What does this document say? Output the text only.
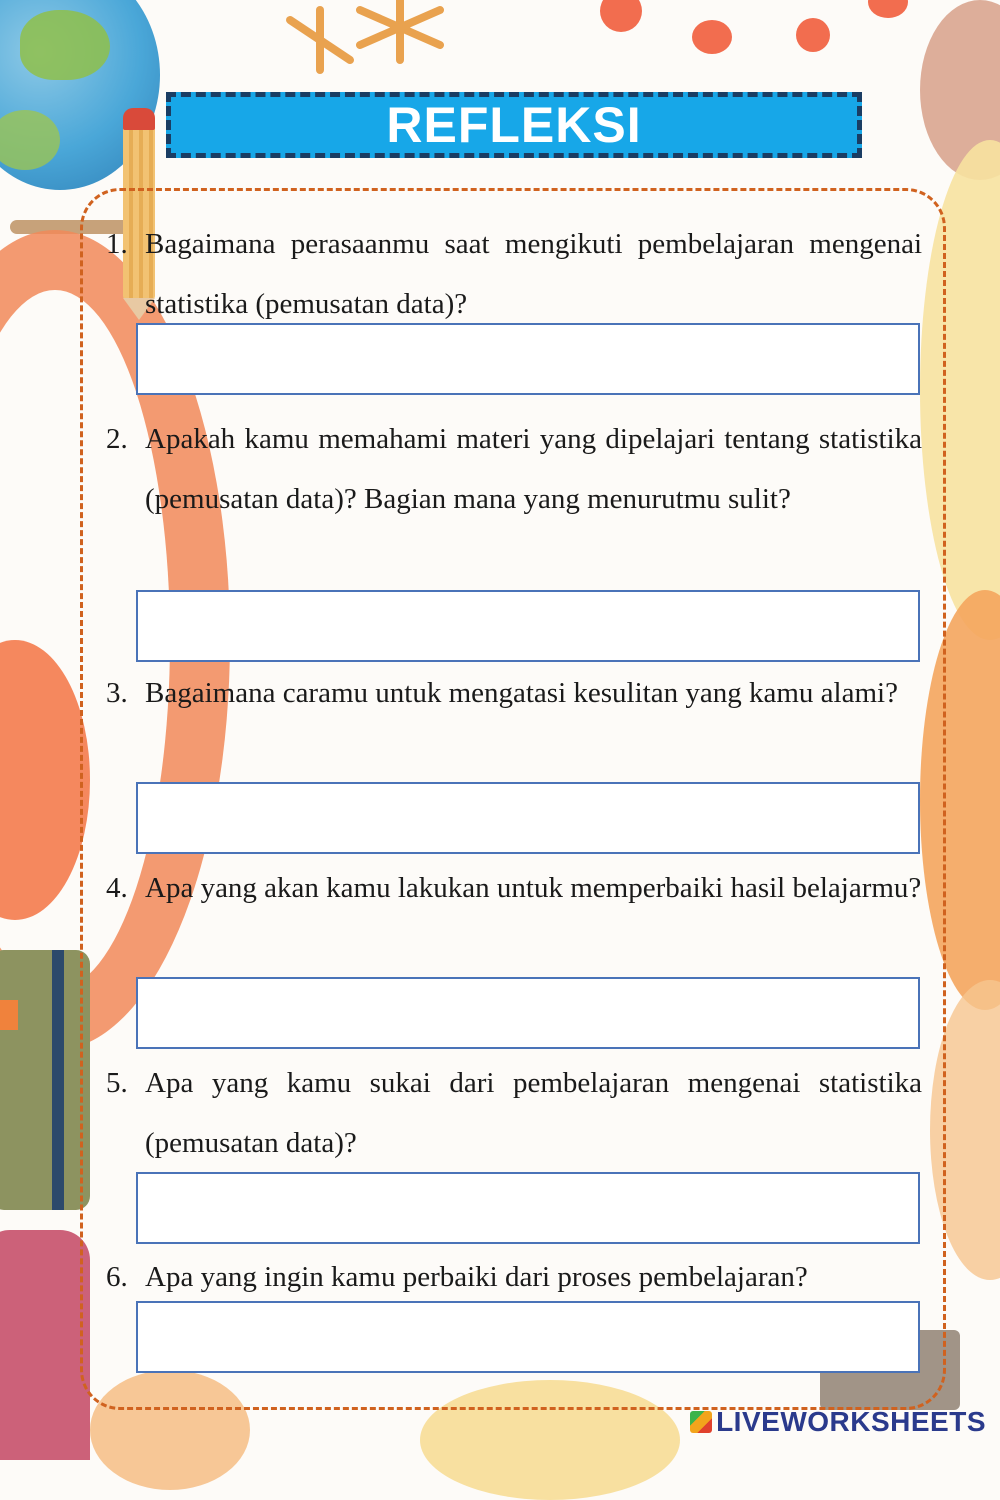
REFLEKSI
1. Bagaimana perasaanmu saat mengikuti pembelajaran mengenai statistika (pemusatan data)?
2. Apakah kamu memahami materi yang dipelajari tentang statistika (pemusatan data)? Bagian mana yang menurutmu sulit?
3. Bagaimana caramu untuk mengatasi kesulitan yang kamu alami?
4. Apa yang akan kamu lakukan untuk memperbaiki hasil belajarmu?
5. Apa yang kamu sukai dari pembelajaran mengenai statistika (pemusatan data)?
6. Apa yang ingin kamu perbaiki dari proses pembelajaran?
LIVEWORKSHEETS
